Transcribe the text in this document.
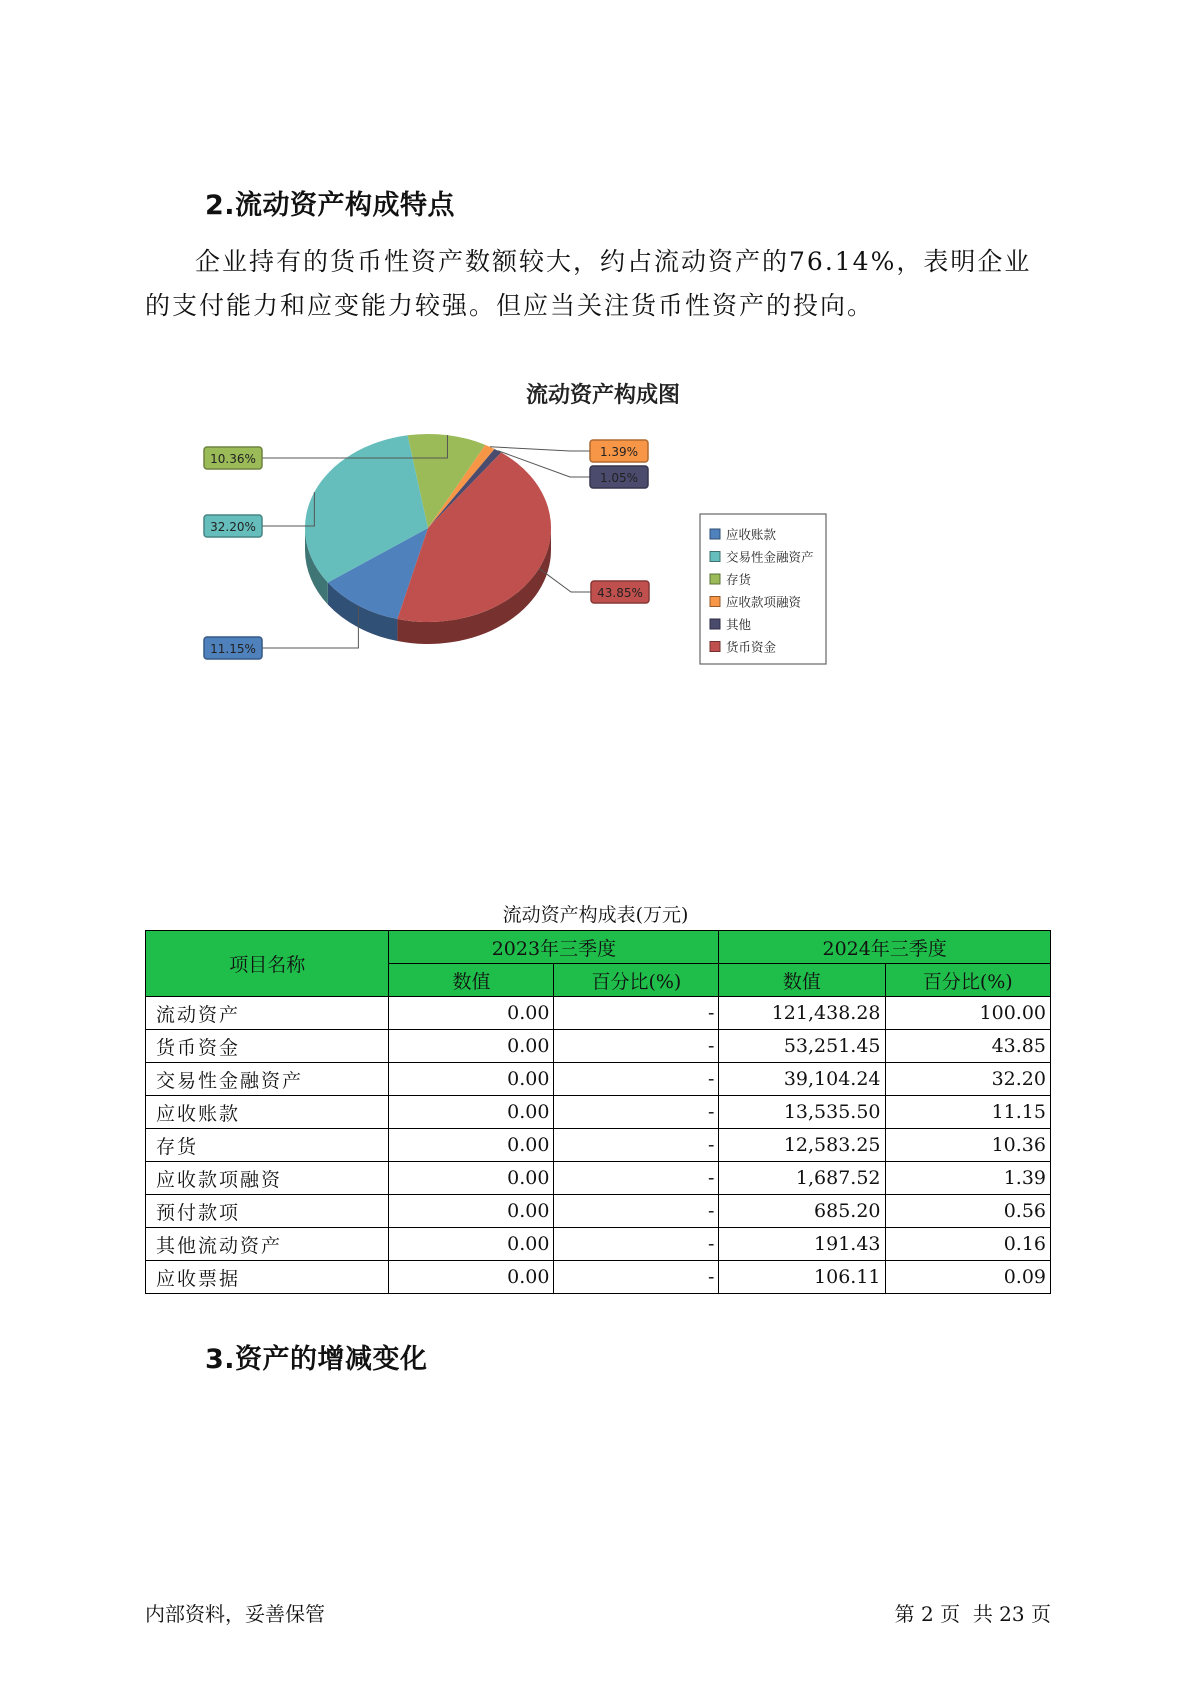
2.流动资产构成特点
企业持有的货币性资产数额较大，约占流动资产的76.14%，表明企业的支付能力和应变能力较强。但应当关注货币性资产的投向。
流动资产构成图
11.15%
32.20%
10.36%	1.39%
1.05%
43.85%
应收账款
交易性金融资产
存货
应收款项融资
其他
货币资金
流动资产构成表(万元)
项目名称	2023年三季度		2024年三季度	
	数值	百分比(%)	数值	百分比(%)
流动资产	0.00	-	121,438.28	100.00
货币资金	0.00	-	53,251.45	43.85
交易性金融资产	0.00	-	39,104.24	32.20
应收账款	0.00	-	13,535.50	11.15
存货	0.00	-	12,583.25	10.36
应收款项融资	0.00	-	1,687.52	1.39
预付款项	0.00	-	685.20	0.56
其他流动资产	0.00	-	191.43	0.16
应收票据	0.00	-	106.11	0.09
3.资产的增减变化
内部资料，妥善保管	第 2 页  共 23 页
